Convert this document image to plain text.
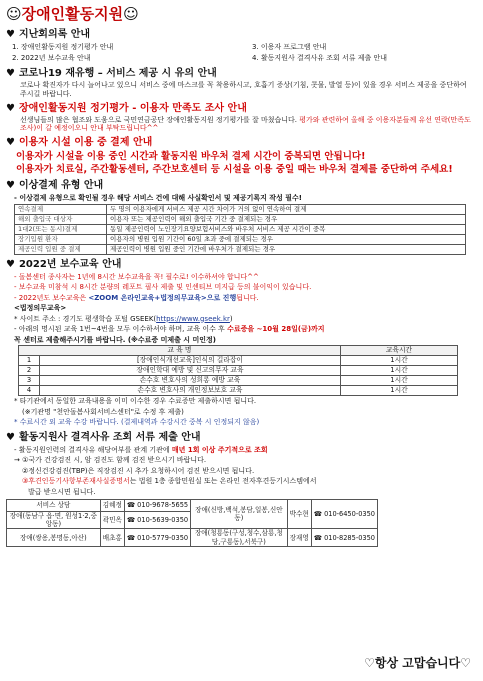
☺장애인활동지원☺
♥ 지난회의록 안내
1. 장애인활동지원 정기평가 안내	3. 이용자 프로그램 안내
2. 2022년 보수교육 안내	4. 활동지원사 결격사유 조회 서류 제출 안내
♥ 코로나19 재유행 – 서비스 제공 시 유의 안내
코로나 확진자가 다시 늘어나고 있으니 서비스 중에 마스크를 꼭 착용하시고, 호흡기 증상(기침, 콧물, 발열 등)이 있을 경우 서비스 제공을 중단하여 주시길 바랍니다.
♥ 장애인활동지원 정기평가 - 이용자 만족도 조사 안내
선생님들의 많은 협조와 도움으로 국민연금공단 장애인활동지원 정기평가를 잘 마쳤습니다. 평가와 관련하여 올해 중 이용자분들께 유선 연락(만족도 조사)이 갈 예정이오니 안내 부탁드립니다^^
♥ 이용자 시설 이용 중 결제 안내
이용자가 시설을 이용 중인 시간과 활동지원 바우처 결제 시간이 중복되면 안됩니다!
이용자가 치료실, 주간활동센터, 주간보호센터 등 시설을 이용 중일 때는 바우처 결제를 중단하여 주세요!
♥ 이상결제 유형 안내
- 이상결제 유형으로 확인될 경우 해당 서비스 건에 대해 사실확인서 및 제공기록지 작성 필수!
연속결제	두 명의 이용자에게 서비스 제공 시간 차이가 거의 없이 연속하여 결제
해외 출입국 대상자	이용자 또는 제공인력이 해외 출입국 기간 중 결제되는 경우
1대2(또는 동시)결제	동일 제공인력이 노인장기요양보험서비스와 바우처 서비스 제공 시간이 중복
장기입원 환자	이용자의 병원 입원 기간이 60일 초과 중에 결제되는 경우
제공인력 입원 중 결제	제공인력이 병원 입원 중인 기간에 바우처가 결제되는 경우
♥ 2022년 보수교육 안내
- 돌봄센터 종사자는 1년에 8시간 보수교육을 꼭! 필수로! 이수하셔야 합니다^^
- 보수교육 미참석 시 8시간 분량의 레포트 필사 제출 및 인센티브 미지급 등의 불이익이 있습니다.
- 2022년도 보수교육은 <ZOOM 온라인교육+법정의무교육>으로 진행됩니다.
<법정의무교육>
* 사이트 주소 : 경기도 평생학습 포털 GSEEK(https://www.gseek.kr)
- 아래의 명시된 교육 1번~4번을 모두 이수하셔야 하며, 교육 이수 후 수료증을 ~10월 28일(금)까지
꼭 센터로 제출해주시기를 바랍니다. (※수료증 미제출 시 미인정)
교 육 명		교육시간
1	[장애인식개선교육]인식의 길라잡이	1시간
2	장애인학대 예방 및 신고의무자 교육	1시간
3	손수호 변호사의 성희롱 예방 교육	1시간
4	손수호 변호사의 개인정보보호 교육	1시간
* 타기관에서 동일한 교육내용을 이미 이수한 경우 수료증만 제출하시면 됩니다.
(※기관명 "천안돌봄사회서비스센터"로 수정 후 제출)
* 수료시간 외 교육 수강 바랍니다. (결제내역과 수강시간 중복 시 인정되지 않음)
♥ 활동지원사 결격사유 조회 서류 제출 안내
- 활동지원인력의 결격사유 해당여부를 관계 기관에 매년 1회 이상 주기적으로 조회
→ ①국가 건강검진 시, 암 검진도 함께 검진 받으시기 바랍니다.
②정신건강검진(TBP)은 직장검진 시 추가 요청하시어 검진 받으시면 됩니다.
③후견인등기사항부존재사실증명서는 법원 1층 종합민원실 또는 온라인 전자후견등기시스템에서
발급 받으시면 됩니다.
서비스 상담	김혜정	☎ 010-9678-5655	장애(신방,백석,봉담,일봉,신안동)	박수현	☎ 010-6450-0350
장애(동남구 읍·면, 원성1·2,중앙동)	곽민옥	☎ 010-5639-0350			
장애(쌍용,봉명동,아산)	배초홍	☎ 010-5779-0350	장애(청룡동(구성,청수,삼룡,청당,구룡동),서북구)	장재영	☎ 010-8285-0350
♡항상 고맙습니다♡
